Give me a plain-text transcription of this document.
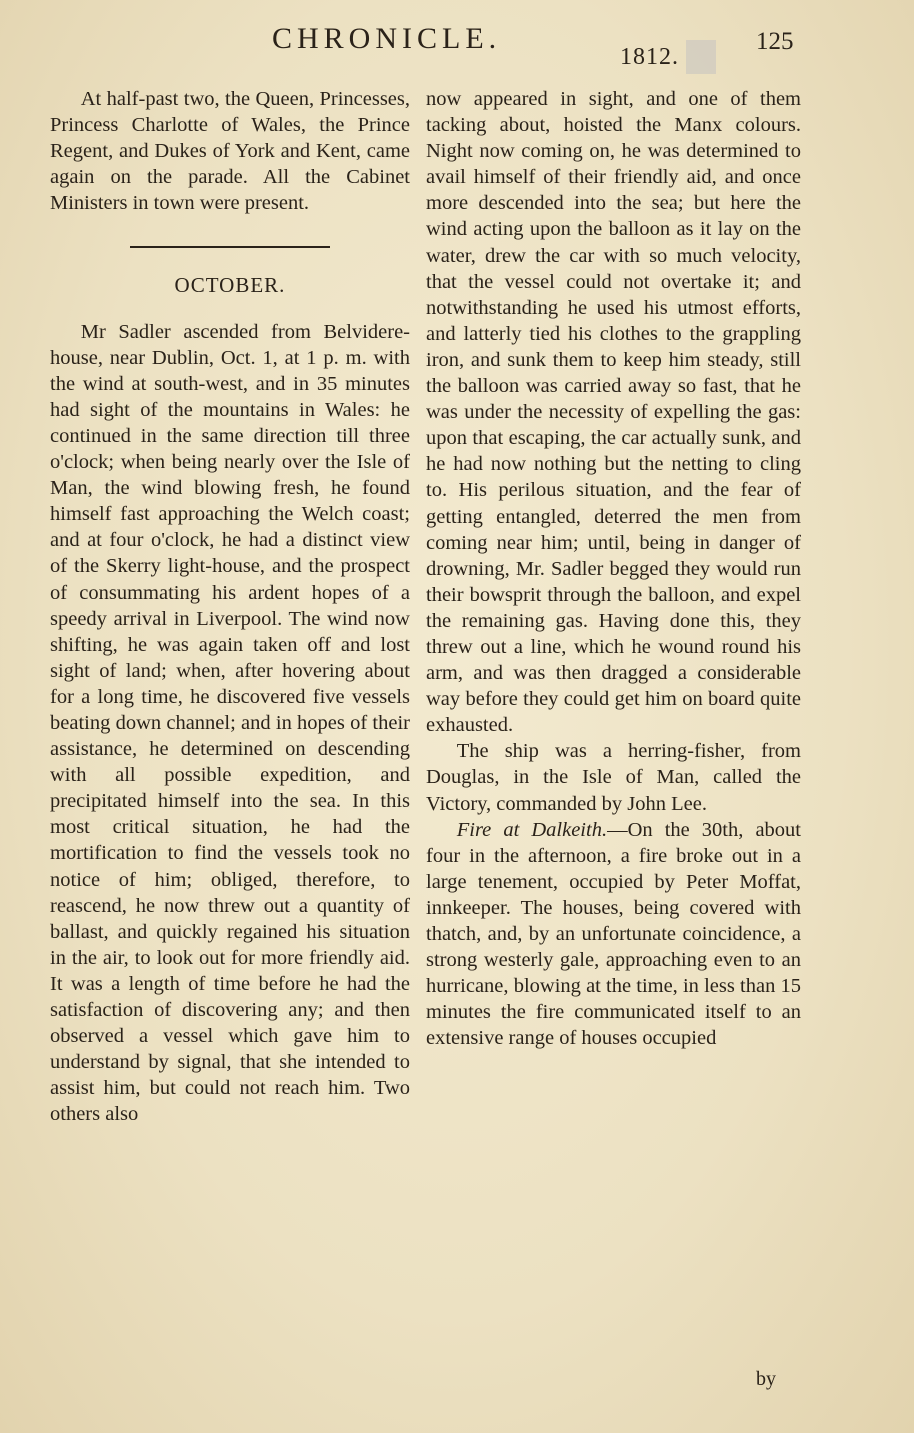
CHRONICLE.
1812.
125

At half-past two, the Queen, Princesses, Princess Charlotte of Wales, the Prince Regent, and Dukes of York and Kent, came again on the parade. All the Cabinet Ministers in town were present.

OCTOBER.

Mr Sadler ascended from Belvidere-house, near Dublin, Oct. 1, at 1 p. m. with the wind at south-west, and in 35 minutes had sight of the mountains in Wales: he continued in the same direction till three o'clock; when being nearly over the Isle of Man, the wind blowing fresh, he found himself fast approaching the Welch coast; and at four o'clock, he had a distinct view of the Skerry light-house, and the prospect of consummating his ardent hopes of a speedy arrival in Liverpool. The wind now shifting, he was again taken off and lost sight of land; when, after hovering about for a long time, he discovered five vessels beating down channel; and in hopes of their assistance, he determined on descending with all possible expedition, and precipitated himself into the sea. In this most critical situation, he had the mortification to find the vessels took no notice of him; obliged, therefore, to reascend, he now threw out a quantity of ballast, and quickly regained his situation in the air, to look out for more friendly aid. It was a length of time before he had the satisfaction of discovering any; and then observed a vessel which gave him to understand by signal, that she intended to assist him, but could not reach him. Two others also

now appeared in sight, and one of them tacking about, hoisted the Manx colours. Night now coming on, he was determined to avail himself of their friendly aid, and once more descended into the sea; but here the wind acting upon the balloon as it lay on the water, drew the car with so much velocity, that the vessel could not overtake it; and notwithstanding he used his utmost efforts, and latterly tied his clothes to the grappling iron, and sunk them to keep him steady, still the balloon was carried away so fast, that he was under the necessity of expelling the gas: upon that escaping, the car actually sunk, and he had now nothing but the netting to cling to. His perilous situation, and the fear of getting entangled, deterred the men from coming near him; until, being in danger of drowning, Mr. Sadler begged they would run their bowsprit through the balloon, and expel the remaining gas. Having done this, they threw out a line, which he wound round his arm, and was then dragged a considerable way before they could get him on board quite exhausted.

The ship was a herring-fisher, from Douglas, in the Isle of Man, called the Victory, commanded by John Lee.

Fire at Dalkeith.—On the 30th, about four in the afternoon, a fire broke out in a large tenement, occupied by Peter Moffat, innkeeper. The houses, being covered with thatch, and, by an unfortunate coincidence, a strong westerly gale, approaching even to an hurricane, blowing at the time, in less than 15 minutes the fire communicated itself to an extensive range of houses occupied

by
